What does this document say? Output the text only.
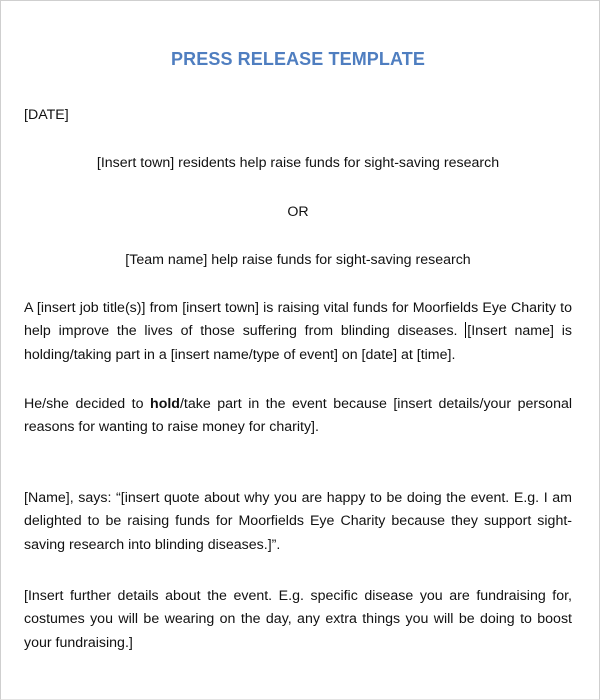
PRESS RELEASE TEMPLATE
[DATE]
[Insert town] residents help raise funds for sight-saving research
OR
[Team name] help raise funds for sight-saving research
A [insert job title(s)] from [insert town] is raising vital funds for Moorfields Eye Charity to help improve the lives of those suffering from blinding diseases. [Insert name] is holding/taking part in a [insert name/type of event] on [date] at [time].
He/she decided to hold/take part in the event because [insert details/your personal reasons for wanting to raise money for charity].
[Name], says: “[insert quote about why you are happy to be doing the event. E.g. I am delighted to be raising funds for Moorfields Eye Charity because they support sight-saving research into blinding diseases.]”.
[Insert further details about the event. E.g. specific disease you are fundraising for, costumes you will be wearing on the day, any extra things you will be doing to boost your fundraising.]
